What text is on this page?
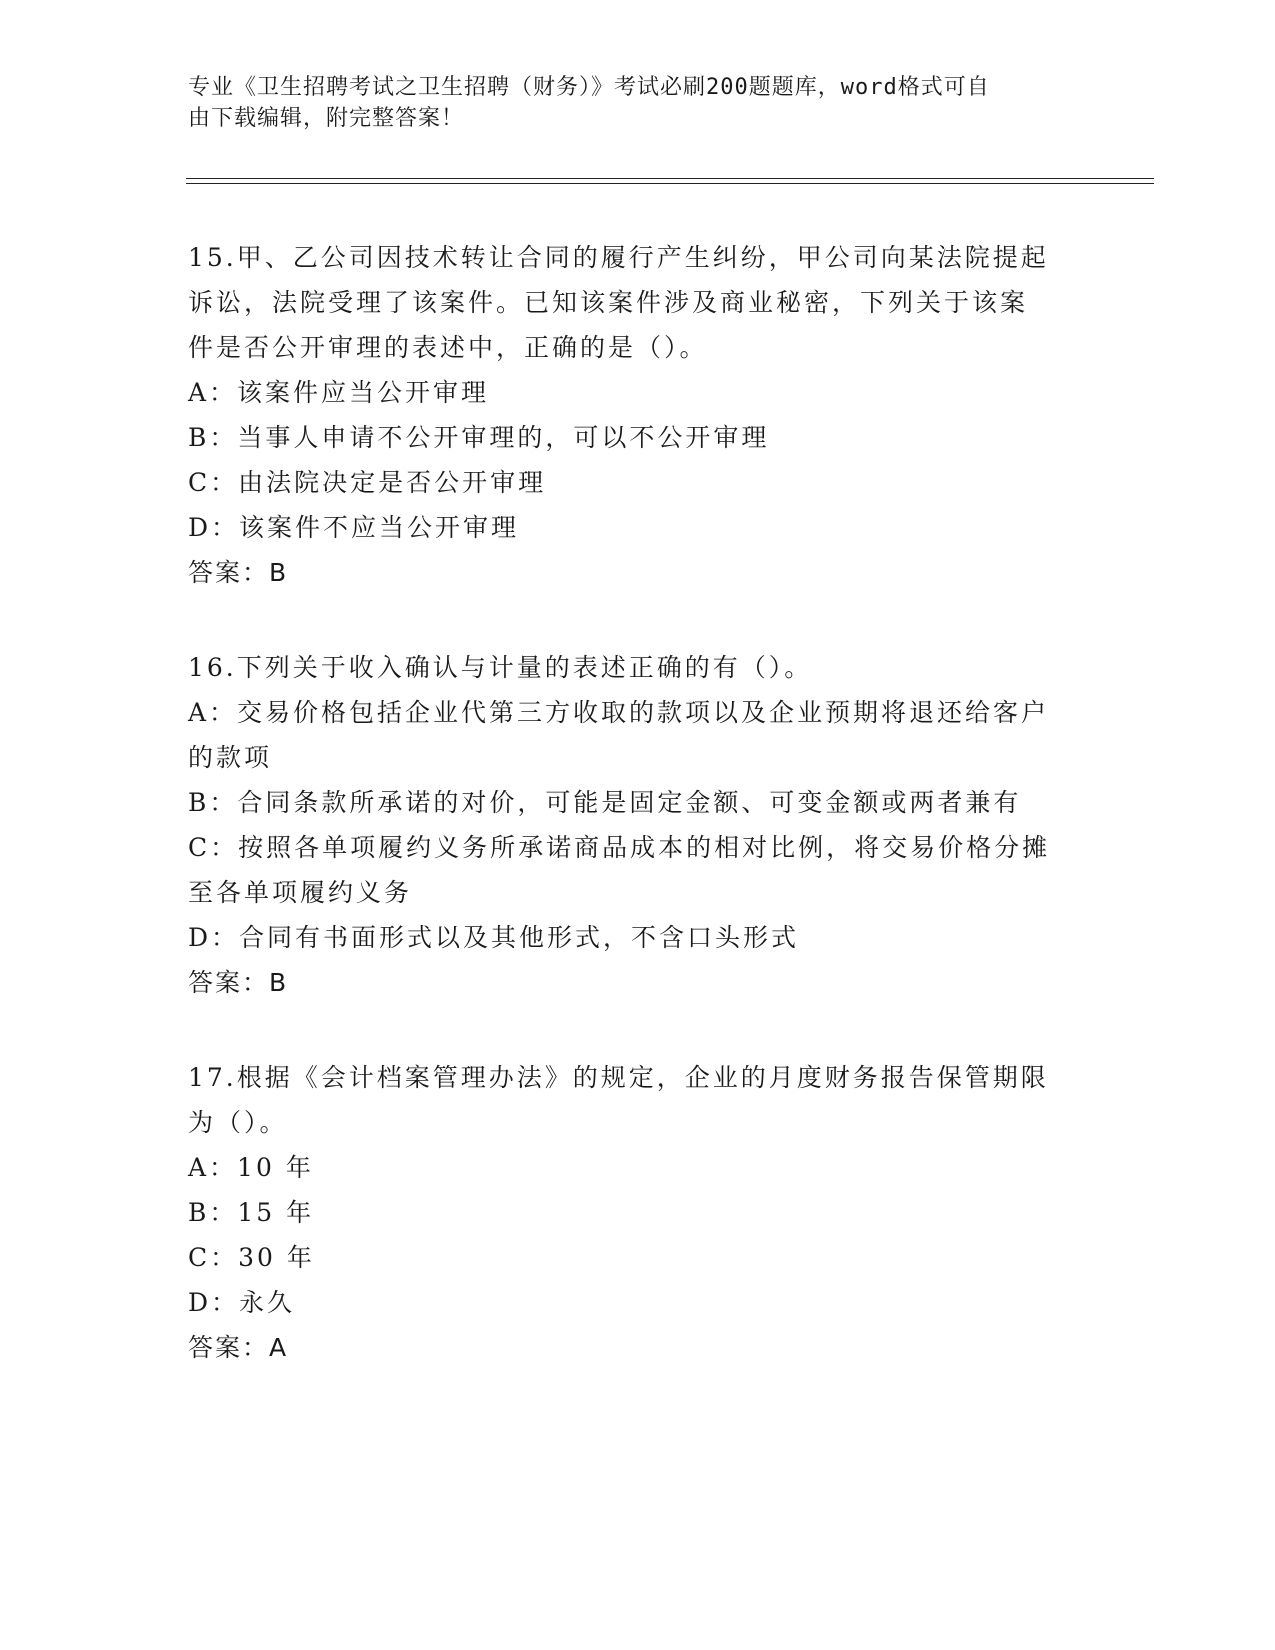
专业《卫生招聘考试之卫生招聘（财务）》考试必刷200题题库，word格式可自
由下载编辑，附完整答案！
15.甲、乙公司因技术转让合同的履行产生纠纷，甲公司向某法院提起
诉讼，法院受理了该案件。已知该案件涉及商业秘密，下列关于该案
件是否公开审理的表述中，正确的是（）。
A：该案件应当公开审理
B：当事人申请不公开审理的，可以不公开审理
C：由法院决定是否公开审理
D：该案件不应当公开审理
答案：B
16.下列关于收入确认与计量的表述正确的有（）。
A：交易价格包括企业代第三方收取的款项以及企业预期将退还给客户
的款项
B：合同条款所承诺的对价，可能是固定金额、可变金额或两者兼有
C：按照各单项履约义务所承诺商品成本的相对比例，将交易价格分摊
至各单项履约义务
D：合同有书面形式以及其他形式，不含口头形式
答案：B
17.根据《会计档案管理办法》的规定，企业的月度财务报告保管期限
为（）。
A：10 年
B：15 年
C：30 年
D：永久
答案：A
